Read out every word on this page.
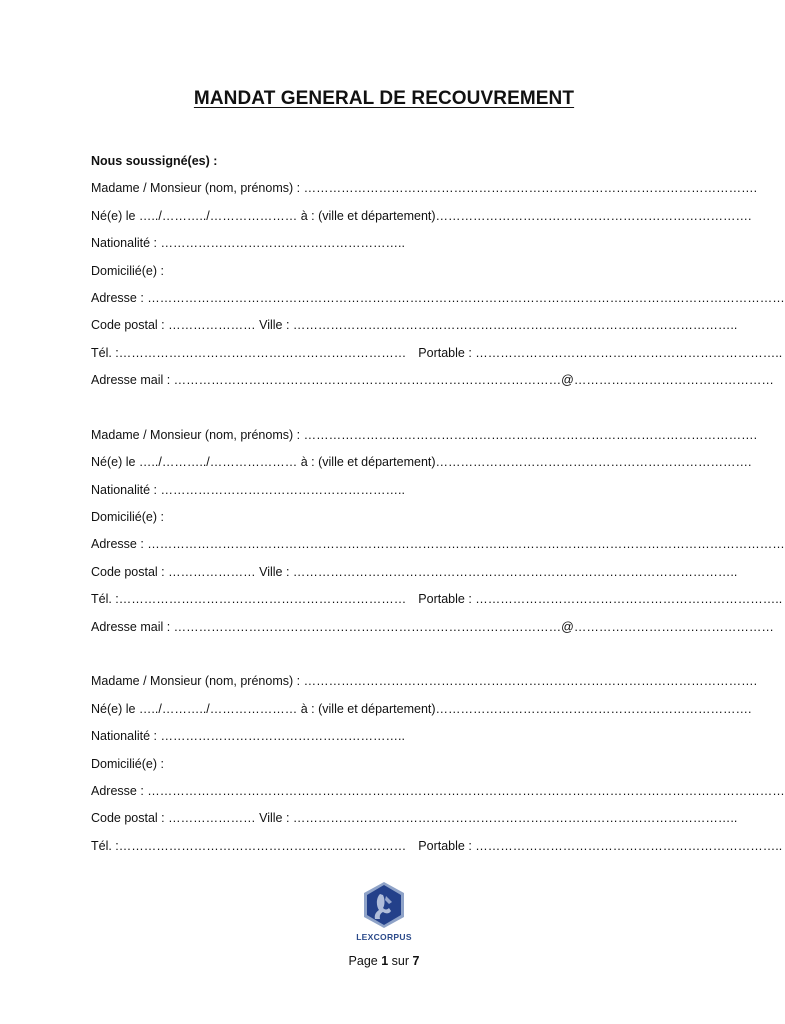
MANDAT GENERAL DE RECOUVREMENT
Nous soussigné(es) :
Madame / Monsieur (nom, prénoms) : ……………………………………………………………………………………………….
Né(e) le …../………../………………… à : (ville et département)………………………………………………………………….
Nationalité : …………………………………………………..
Domicilié(e) :
Adresse : ………………………………………………………………………………………………………………………………………
Code postal : ………………… Ville : ……………………………………………………………………………………………..
Tél. :…………………………………………………………… Portable : ………………………………………………………………..
Adresse mail : …………………………………………………………………………………@…………………………………………
Madame / Monsieur (nom, prénoms) : ……………………………………………………………………………………………….
Né(e) le …../………../………………… à : (ville et département)………………………………………………………………….
Nationalité : …………………………………………………..
Domicilié(e) :
Adresse : ………………………………………………………………………………………………………………………………………
Code postal : ………………… Ville : ……………………………………………………………………………………………..
Tél. :…………………………………………………………… Portable : ………………………………………………………………..
Adresse mail : …………………………………………………………………………………@…………………………………………
Madame / Monsieur (nom, prénoms) : ……………………………………………………………………………………………….
Né(e) le …../………../………………… à : (ville et département)………………………………………………………………….
Nationalité : …………………………………………………..
Domicilié(e) :
Adresse : ………………………………………………………………………………………………………………………………………
Code postal : ………………… Ville : ……………………………………………………………………………………………..
Tél. :…………………………………………………………… Portable : ………………………………………………………………..
LEXCORPUS
Page 1 sur 7
